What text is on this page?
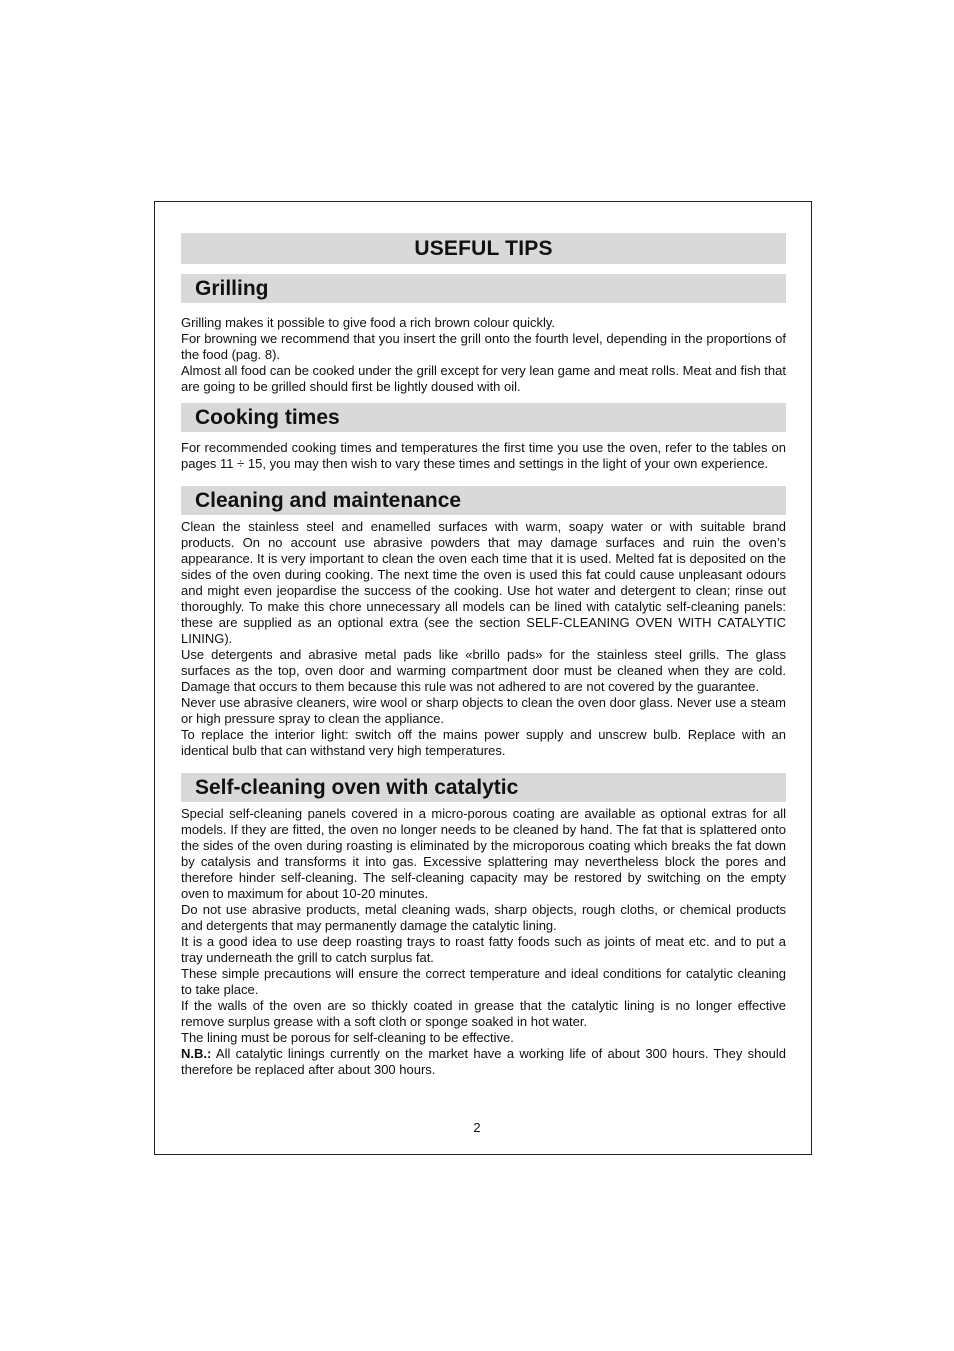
USEFUL TIPS
Grilling

Grilling makes it possible to give food a rich brown colour quickly.

For browning we recommend that you insert the grill onto the fourth level, depending in the proportions of the food (pag. 8).

Almost all food can be cooked under the grill except for very lean game and meat rolls. Meat and fish that are going to be grilled should first be lightly doused with oil.

Cooking times

For recommended cooking times and temperatures the first time you use the oven, refer to the tables on pages 11 ÷ 15, you may then wish to vary these times and settings in the light of your own experience.

Cleaning and maintenance

Clean the stainless steel and enamelled surfaces with warm, soapy water or with suitable brand products. On no account use abrasive powders that may damage surfaces and ruin the oven’s appearance. It is very important to clean the oven each time that it is used. Melted fat is deposited on the sides of the oven during cooking. The next time the oven is used this fat could cause unpleasant odours and might even jeopardise the success of the cooking. Use hot water and detergent to clean; rinse out thoroughly. To make this chore unnecessary all models can be lined with catalytic self-cleaning panels: these are supplied as an optional extra (see the section SELF-CLEANING OVEN WITH CATALYTIC LINING).

Use detergents and abrasive metal pads like «brillo pads» for the stainless steel grills. The glass surfaces as the top, oven door and warming compartment door must be cleaned when they are cold. Damage that occurs to them because this rule was not adhered to are not covered by the guarantee.

Never use abrasive cleaners, wire wool or sharp objects to clean the oven door glass. Never use a steam or high pressure spray to clean the appliance.

To replace the interior light: switch off the mains power supply and unscrew bulb. Replace with an identical bulb that can withstand very high temperatures.

Self-cleaning oven with catalytic

Special self-cleaning panels covered in a micro-porous coating are available as optional extras for all models. If they are fitted, the oven no longer needs to be cleaned by hand. The fat that is splattered onto the sides of the oven during roasting is eliminated by the microporous coating which breaks the fat down by catalysis and transforms it into gas. Excessive splattering may nevertheless block the pores and therefore hinder self-cleaning. The self-cleaning capacity may be restored by switching on the empty oven to maximum for about 10-20 minutes.

Do not use abrasive products, metal cleaning wads, sharp objects, rough cloths, or chemical products and detergents that may permanently damage the catalytic lining.

It is a good idea to use deep roasting trays to roast fatty foods such as joints of meat etc. and to put a tray underneath the grill to catch surplus fat.

These simple precautions will ensure the correct temperature and ideal conditions for catalytic cleaning to take place.

If the walls of the oven are so thickly coated in grease that the catalytic lining is no longer effective remove surplus grease with a soft cloth or sponge soaked in hot water.

The lining must be porous for self-cleaning to be effective.

N.B.: All catalytic linings currently on the market have a working life of about 300 hours. They should therefore be replaced after about 300 hours.

2
